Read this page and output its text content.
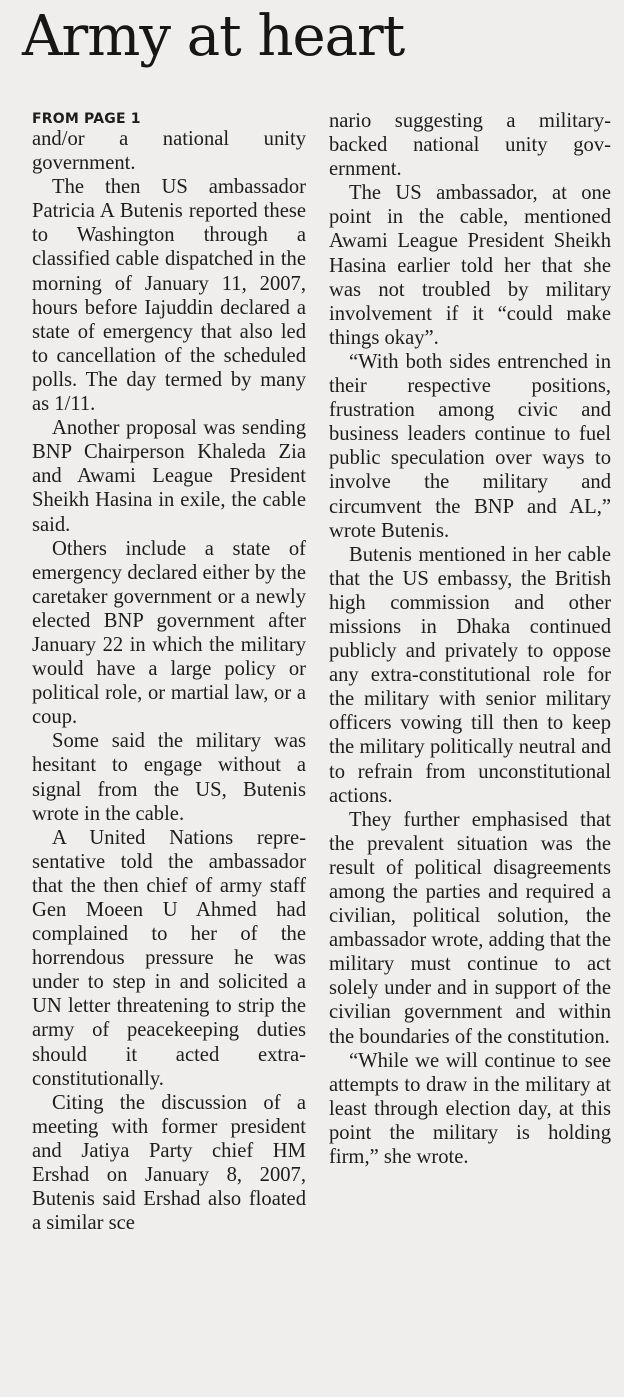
Army at heart
FROM PAGE 1

and/or a national unity government.

The then US ambassador Patricia A Butenis reported these to Washington through a classified cable dispatched in the morning of January 11, 2007, hours before Iajuddin declared a state of emergency that also led to cancellation of the scheduled polls. The day termed by many as 1/11.

Another proposal was sending BNP Chairperson Khaleda Zia and Awami League President Sheikh Hasina in exile, the cable said.

Others include a state of emergency declared either by the caretaker government or a newly elected BNP government after January 22 in which the military would have a large policy or political role, or martial law, or a coup.

Some said the military was hesitant to engage without a signal from the US, Butenis wrote in the cable.

A United Nations representative told the ambassador that the then chief of army staff Gen Moeen U Ahmed had complained to her of the horrendous pressure he was under to step in and solicited a UN letter threatening to strip the army of peacekeeping duties should it acted extra-constitutionally.

Citing the discussion of a meeting with former president and Jatiya Party chief HM Ershad on January 8, 2007, Butenis said Ershad also floated a similar sce

nario suggesting a military-backed national unity government.

The US ambassador, at one point in the cable, mentioned Awami League President Sheikh Hasina earlier told her that she was not troubled by military involvement if it “could make things okay”.

“With both sides entrenched in their respective positions, frustration among civic and business leaders continue to fuel public speculation over ways to involve the military and circumvent the BNP and AL,” wrote Butenis.

Butenis mentioned in her cable that the US embassy, the British high commission and other missions in Dhaka continued publicly and privately to oppose any extra-constitutional role for the military with senior military officers vowing till then to keep the military politically neutral and to refrain from unconstitutional actions.

They further emphasised that the prevalent situation was the result of political disagreements among the parties and required a civilian, political solution, the ambassador wrote, adding that the military must continue to act solely under and in support of the civilian government and within the boundaries of the constitution.

“While we will continue to see attempts to draw in the military at least through election day, at this point the military is holding firm,” she wrote.
